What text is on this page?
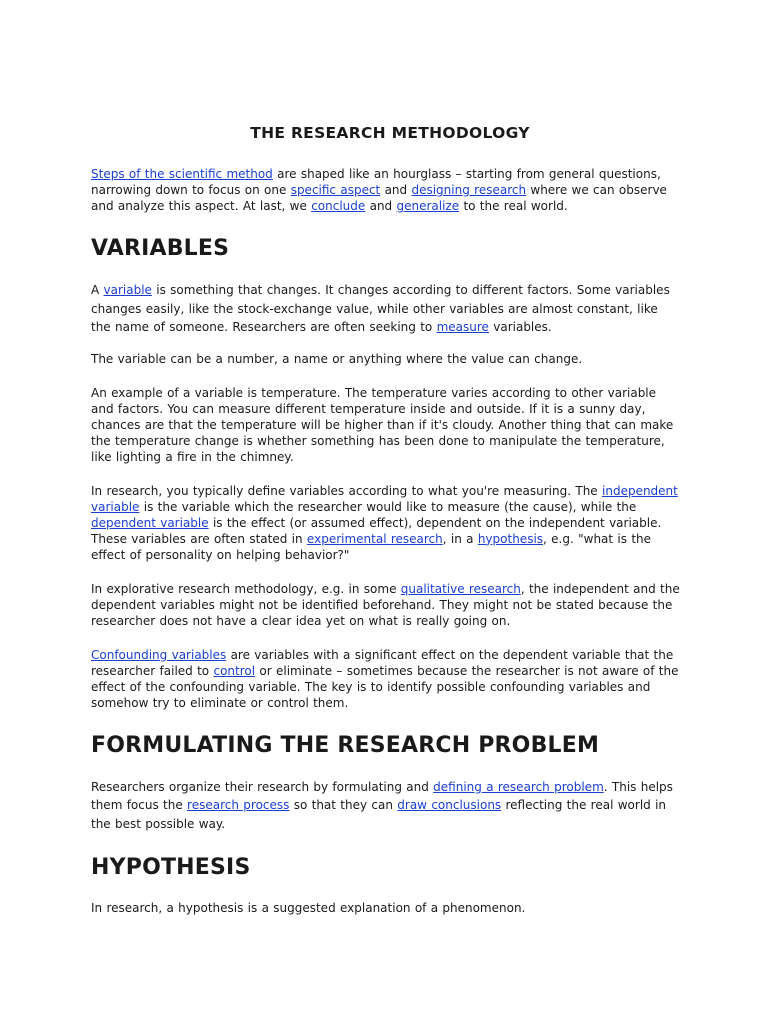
THE RESEARCH METHODOLOGY

Steps of the scientific method are shaped like an hourglass – starting from general questions, narrowing down to focus on one specific aspect and designing research where we can observe and analyze this aspect. At last, we conclude and generalize to the real world.

VARIABLES

A variable is something that changes. It changes according to different factors. Some variables changes easily, like the stock-exchange value, while other variables are almost constant, like the name of someone. Researchers are often seeking to measure variables.

The variable can be a number, a name or anything where the value can change.

An example of a variable is temperature. The temperature varies according to other variable and factors. You can measure different temperature inside and outside. If it is a sunny day, chances are that the temperature will be higher than if it's cloudy. Another thing that can make the temperature change is whether something has been done to manipulate the temperature, like lighting a fire in the chimney.

In research, you typically define variables according to what you're measuring. The independent variable is the variable which the researcher would like to measure (the cause), while the dependent variable is the effect (or assumed effect), dependent on the independent variable. These variables are often stated in experimental research, in a hypothesis, e.g. "what is the effect of personality on helping behavior?"

In explorative research methodology, e.g. in some qualitative research, the independent and the dependent variables might not be identified beforehand. They might not be stated because the researcher does not have a clear idea yet on what is really going on.

Confounding variables are variables with a significant effect on the dependent variable that the researcher failed to control or eliminate – sometimes because the researcher is not aware of the effect of the confounding variable. The key is to identify possible confounding variables and somehow try to eliminate or control them.

FORMULATING THE RESEARCH PROBLEM

Researchers organize their research by formulating and defining a research problem. This helps them focus the research process so that they can draw conclusions reflecting the real world in the best possible way.

HYPOTHESIS

In research, a hypothesis is a suggested explanation of a phenomenon.
